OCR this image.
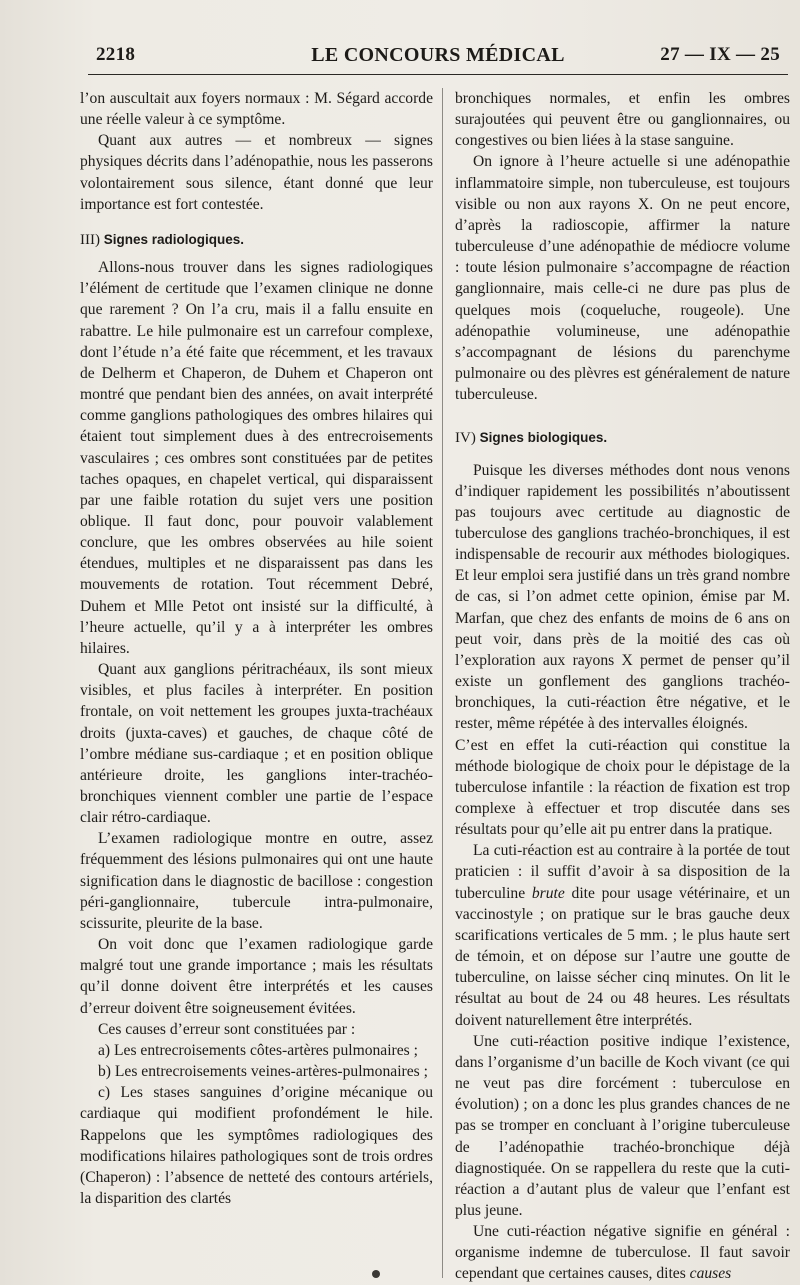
2218	LE CONCOURS MÉDICAL	27 — IX — 25

l’on auscultait aux foyers normaux : M. Ségard accorde une réelle valeur à ce symptôme.

Quant aux autres — et nombreux — signes physiques décrits dans l’adénopathie, nous les passerons volontairement sous silence, étant donné que leur importance est fort contestée.

III) Signes radiologiques.

Allons-nous trouver dans les signes radiologiques l’élément de certitude que l’examen clinique ne donne que rarement ? On l’a cru, mais il a fallu ensuite en rabattre. Le hile pulmonaire est un carrefour complexe, dont l’étude n’a été faite que récemment, et les travaux de Delherm et Chaperon, de Duhem et Chaperon ont montré que pendant bien des années, on avait interprété comme ganglions pathologiques des ombres hilaires qui étaient tout simplement dues à des entrecroisements vasculaires ; ces ombres sont constituées par de petites taches opaques, en chapelet vertical, qui disparaissent par une faible rotation du sujet vers une position oblique. Il faut donc, pour pouvoir valablement conclure, que les ombres observées au hile soient étendues, multiples et ne disparaissent pas dans les mouvements de rotation. Tout récemment Debré, Duhem et Mlle Petot ont insisté sur la difficulté, à l’heure actuelle, qu’il y a à interpréter les ombres hilaires.

Quant aux ganglions péritrachéaux, ils sont mieux visibles, et plus faciles à interpréter. En position frontale, on voit nettement les groupes juxta-trachéaux droits (juxta-caves) et gauches, de chaque côté de l’ombre médiane sus-cardiaque ; et en position oblique antérieure droite, les ganglions inter-trachéo-bronchiques viennent combler une partie de l’espace clair rétro-cardiaque.

L’examen radiologique montre en outre, assez fréquemment des lésions pulmonaires qui ont une haute signification dans le diagnostic de bacillose : congestion péri-ganglionnaire, tubercule intra-pulmonaire, scissurite, pleurite de la base.

On voit donc que l’examen radiologique garde malgré tout une grande importance ; mais les résultats qu’il donne doivent être interprétés et les causes d’erreur doivent être soigneusement évitées.

Ces causes d’erreur sont constituées par :

a) Les entrecroisements côtes-artères pulmonaires ;

b) Les entrecroisements veines-artères-pulmonaires ;

c) Les stases sanguines d’origine mécanique ou cardiaque qui modifient profondément le hile. Rappelons que les symptômes radiologiques des modifications hilaires pathologiques sont de trois ordres (Chaperon) : l’absence de netteté des contours artériels, la disparition des clartés

bronchiques normales, et enfin les ombres surajoutées qui peuvent être ou ganglionnaires, ou congestives ou bien liées à la stase sanguine.

On ignore à l’heure actuelle si une adénopathie inflammatoire simple, non tuberculeuse, est toujours visible ou non aux rayons X. On ne peut encore, d’après la radioscopie, affirmer la nature tuberculeuse d’une adénopathie de médiocre volume : toute lésion pulmonaire s’accompagne de réaction ganglionnaire, mais celle-ci ne dure pas plus de quelques mois (coqueluche, rougeole). Une adénopathie volumineuse, une adénopathie s’accompagnant de lésions du parenchyme pulmonaire ou des plèvres est généralement de nature tuberculeuse.

IV) Signes biologiques.

Puisque les diverses méthodes dont nous venons d’indiquer rapidement les possibilités n’aboutissent pas toujours avec certitude au diagnostic de tuberculose des ganglions trachéo-bronchiques, il est indispensable de recourir aux méthodes biologiques. Et leur emploi sera justifié dans un très grand nombre de cas, si l’on admet cette opinion, émise par M. Marfan, que chez des enfants de moins de 6 ans on peut voir, dans près de la moitié des cas où l’exploration aux rayons X permet de penser qu’il existe un gonflement des ganglions trachéo-bronchiques, la cuti-réaction être négative, et le rester, même répétée à des intervalles éloignés.

C’est en effet la cuti-réaction qui constitue la méthode biologique de choix pour le dépistage de la tuberculose infantile : la réaction de fixation est trop complexe à effectuer et trop discutée dans ses résultats pour qu’elle ait pu entrer dans la pratique.

La cuti-réaction est au contraire à la portée de tout praticien : il suffit d’avoir à sa disposition de la tuberculine brute dite pour usage vétérinaire, et un vaccinostyle ; on pratique sur le bras gauche deux scarifications verticales de 5 mm. ; le plus haute sert de témoin, et on dépose sur l’autre une goutte de tuberculine, on laisse sécher cinq minutes. On lit le résultat au bout de 24 ou 48 heures. Les résultats doivent naturellement être interprétés.

Une cuti-réaction positive indique l’existence, dans l’organisme d’un bacille de Koch vivant (ce qui ne veut pas dire forcément : tuberculose en évolution) ; on a donc les plus grandes chances de ne pas se tromper en concluant à l’origine tuberculeuse de l’adénopathie trachéo-bronchique déjà diagnostiquée. On se rappellera du reste que la cuti-réaction a d’autant plus de valeur que l’enfant est plus jeune.

Une cuti-réaction négative signifie en général : organisme indemne de tuberculose. Il faut savoir cependant que certaines causes, dites causes
